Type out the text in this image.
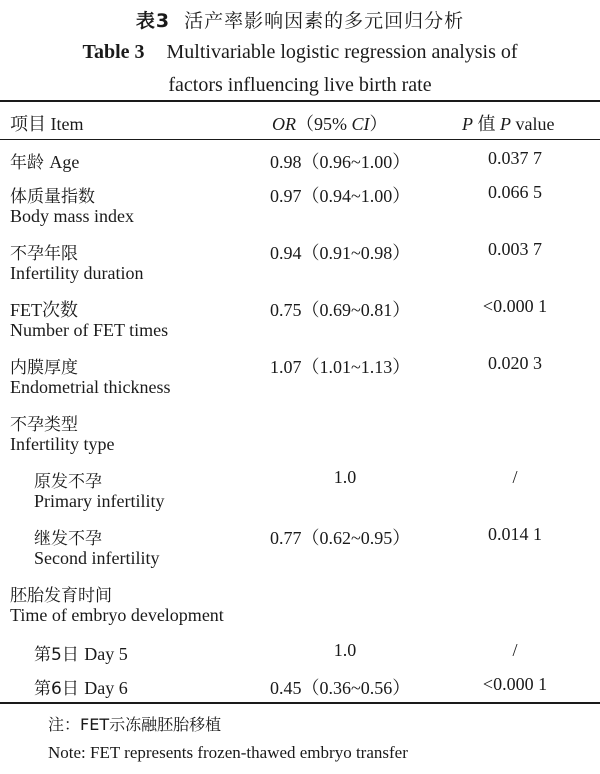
表3 活产率影响因素的多元回归分析
Table 3 Multivariable logistic regression analysis of
factors influencing live birth rate
项目 Item	OR（95% CI）	P 值 P value
年龄 Age	0.98（0.96~1.00）	0.037 7
体质量指数
Body mass index
0.97（0.94~1.00）	0.066 5
不孕年限
Infertility duration
0.94（0.91~0.98）	0.003 7
FET次数
Number of FET times
0.75（0.69~0.81）	<0.000 1
内膜厚度
Endometrial thickness
1.07（1.01~1.13）	0.020 3
不孕类型
Infertility type
原发不孕
Primary infertility
1.0	/
继发不孕
Second infertility
0.77（0.62~0.95）	0.014 1
胚胎发育时间
Time of embryo development
第5日 Day 5	1.0	/
第6日 Day 6	0.45（0.36~0.56）	<0.000 1
注：FET示冻融胚胎移植
Note: FET represents frozen-thawed embryo transfer
